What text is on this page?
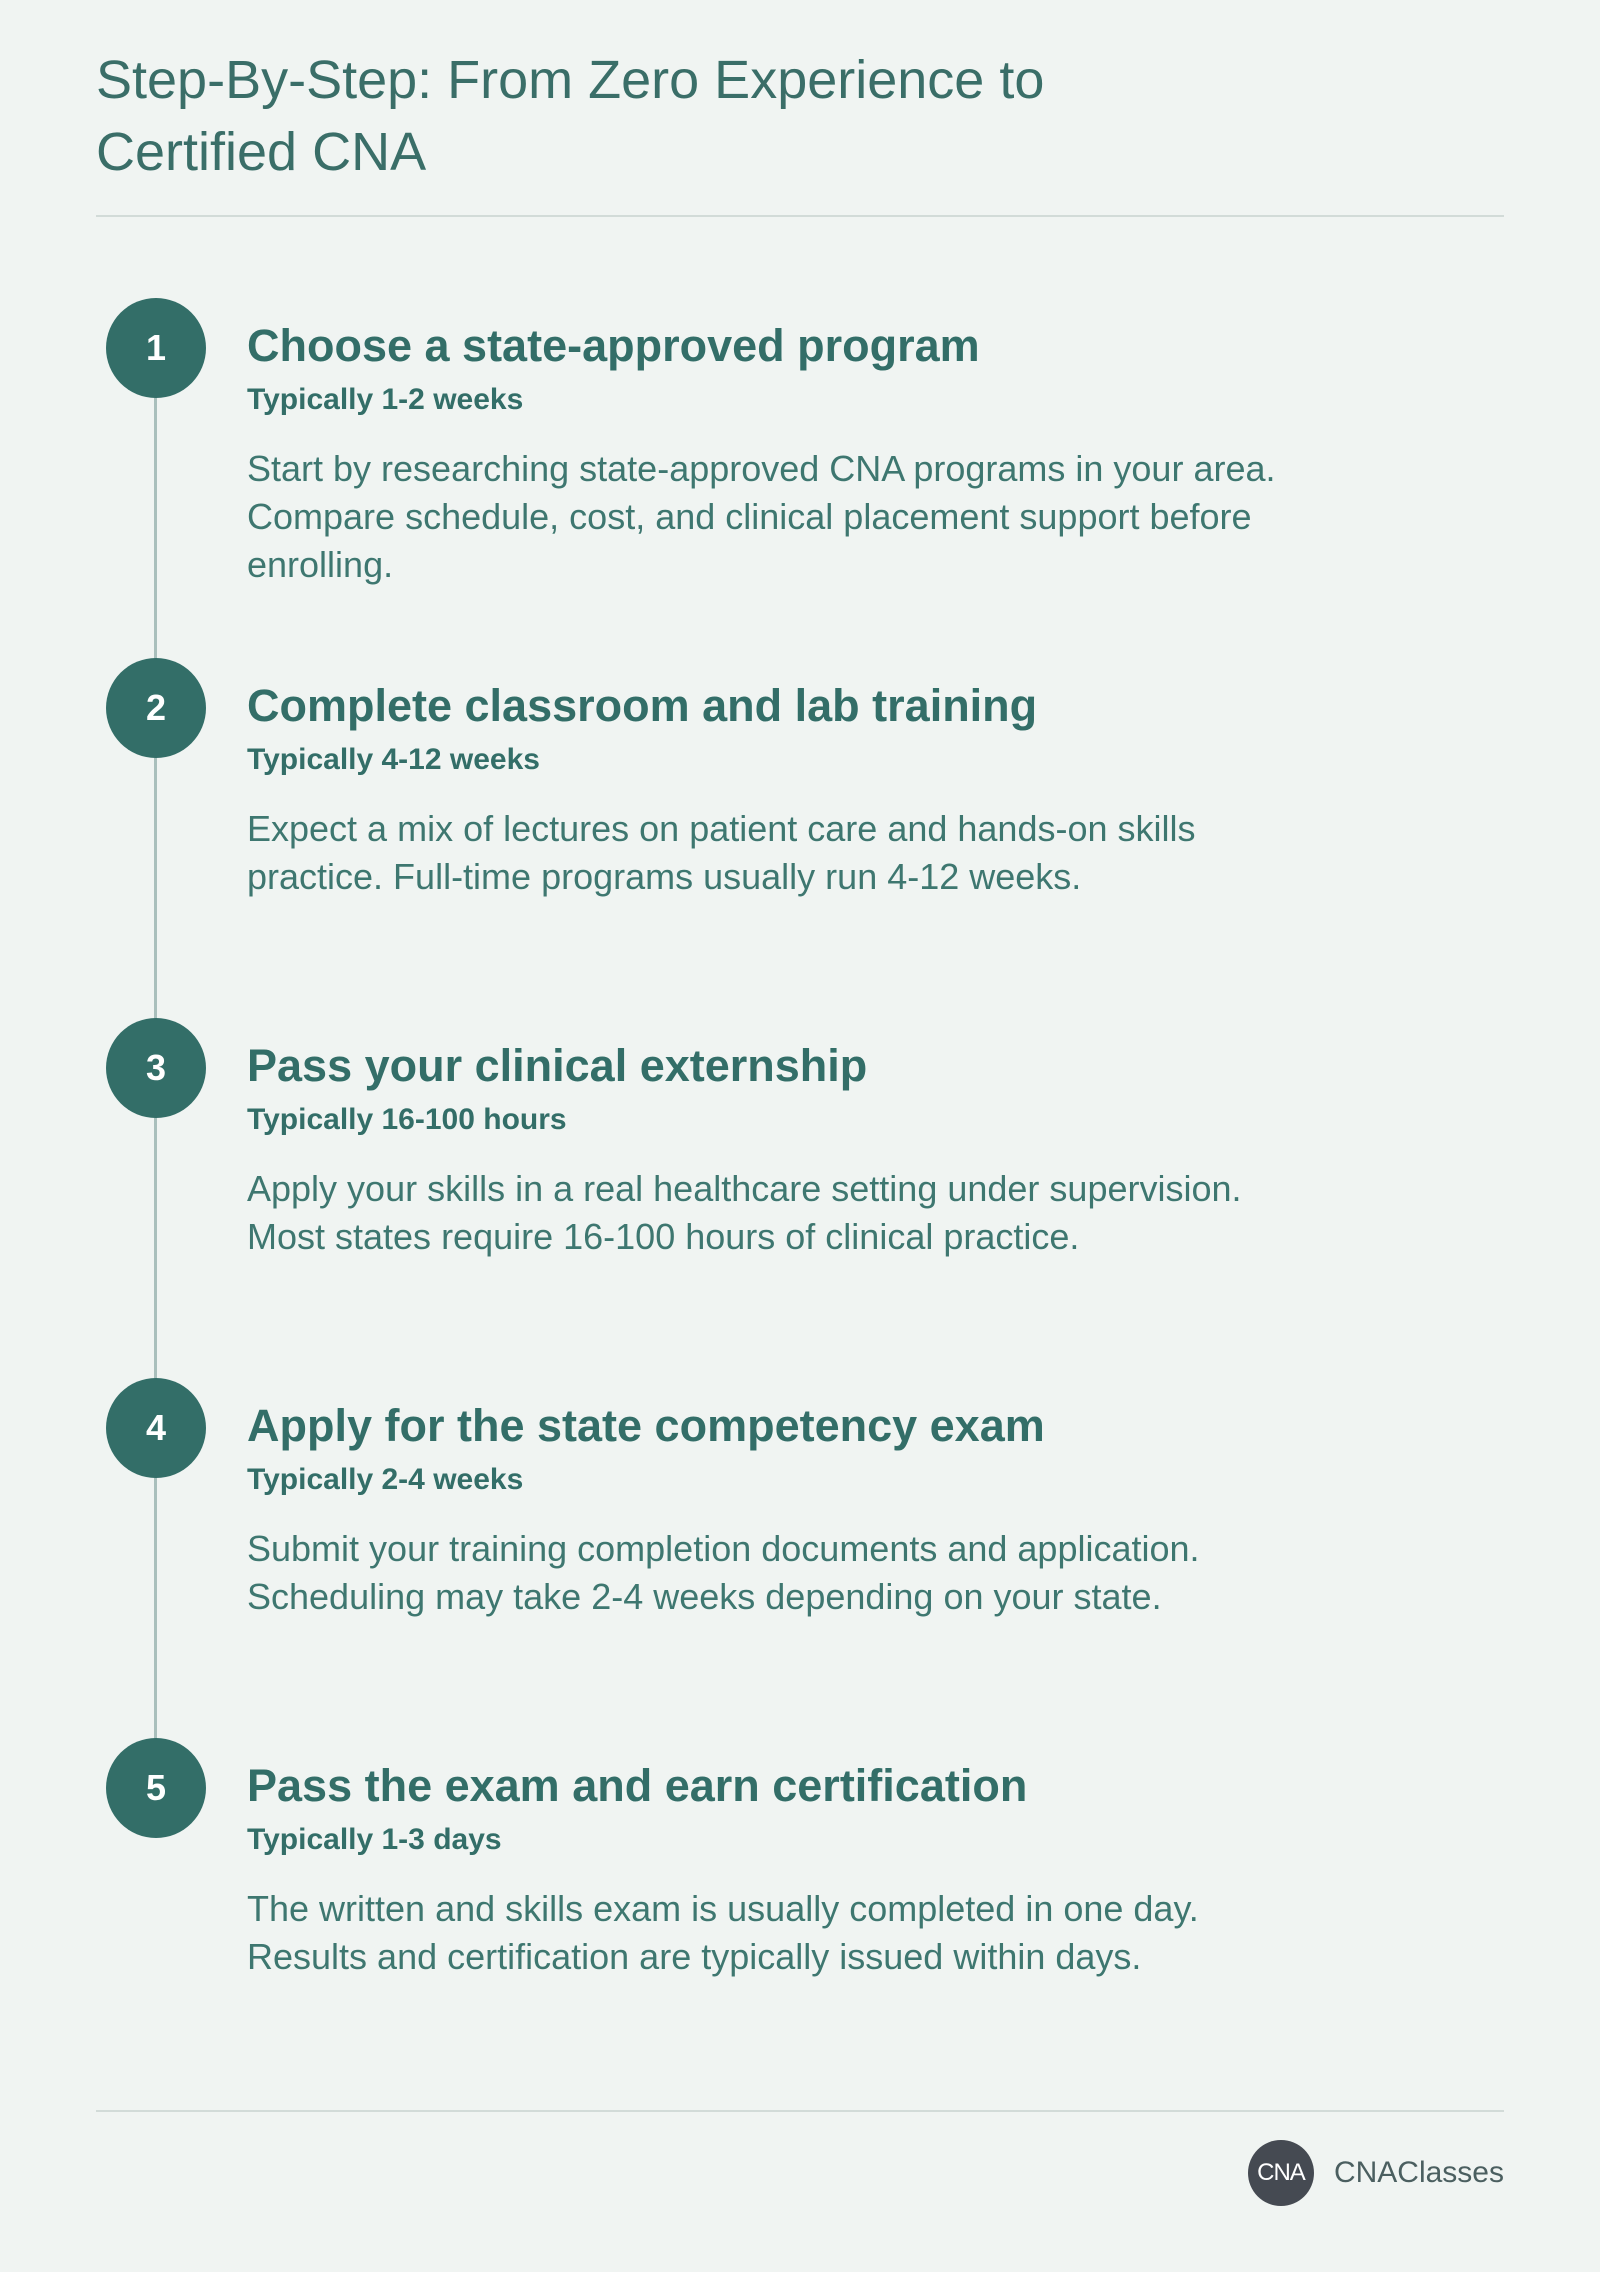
Step-By-Step: From Zero Experience to Certified CNA
1	Choose a state-approved program
Typically 1-2 weeks

Start by researching state-approved CNA programs in your area. Compare schedule, cost, and clinical placement support before enrolling.

2	Complete classroom and lab training
Typically 4-12 weeks

Expect a mix of lectures on patient care and hands-on skills practice. Full-time programs usually run 4-12 weeks.

3	Pass your clinical externship
Typically 16-100 hours

Apply your skills in a real healthcare setting under supervision. Most states require 16-100 hours of clinical practice.

4	Apply for the state competency exam
Typically 2-4 weeks

Submit your training completion documents and application. Scheduling may take 2-4 weeks depending on your state.

5	Pass the exam and earn certification
Typically 1-3 days

The written and skills exam is usually completed in one day. Results and certification are typically issued within days.

CNA CNAClasses
